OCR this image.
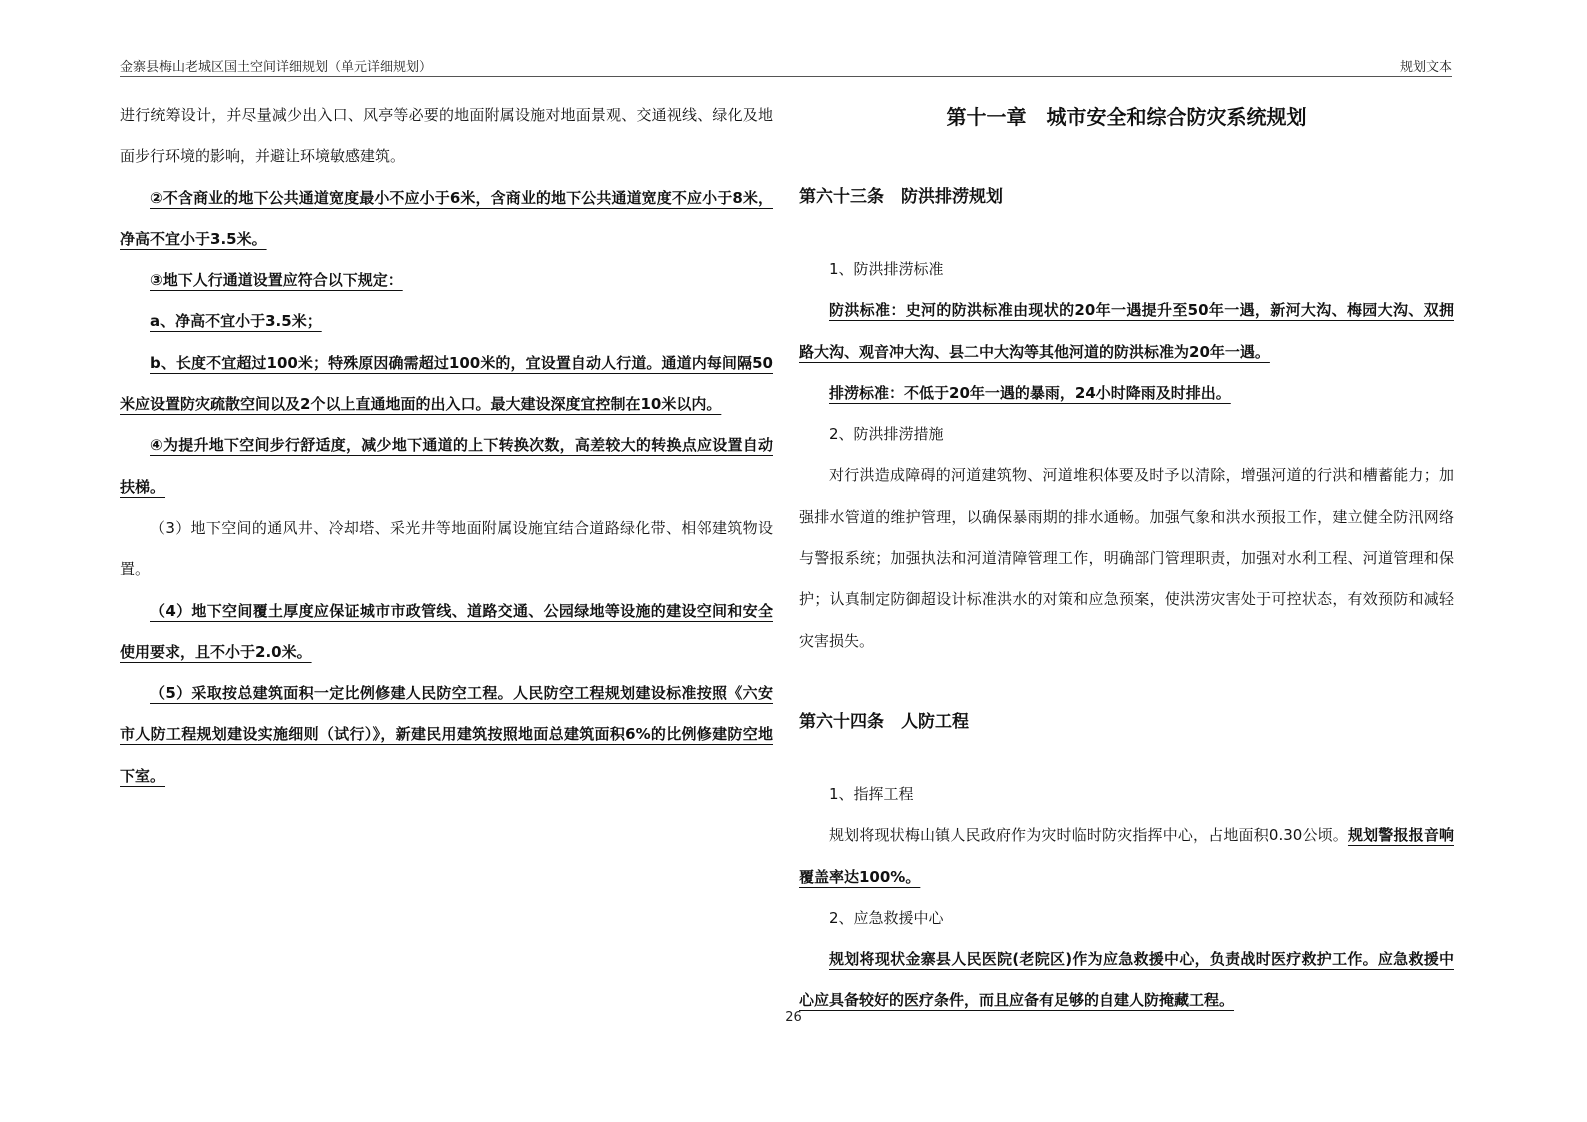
金寨县梅山老城区国土空间详细规划（单元详细规划）	规划文本

进行统筹设计，并尽量减少出入口、风亭等必要的地面附属设施对地面景观、交通视线、绿化及地面步行环境的影响，并避让环境敏感建筑。

②不含商业的地下公共通道宽度最小不应小于6米，含商业的地下公共通道宽度不应小于8米，净高不宜小于3.5米。

③地下人行通道设置应符合以下规定：

a、净高不宜小于3.5米；

b、长度不宜超过100米；特殊原因确需超过100米的，宜设置自动人行道。通道内每间隔50米应设置防灾疏散空间以及2个以上直通地面的出入口。最大建设深度宜控制在10米以内。

④为提升地下空间步行舒适度，减少地下通道的上下转换次数，高差较大的转换点应设置自动扶梯。

（3）地下空间的通风井、冷却塔、采光井等地面附属设施宜结合道路绿化带、相邻建筑物设置。

（4）地下空间覆土厚度应保证城市市政管线、道路交通、公园绿地等设施的建设空间和安全使用要求，且不小于2.0米。

（5）采取按总建筑面积一定比例修建人民防空工程。人民防空工程规划建设标准按照《六安市人防工程规划建设实施细则（试行）》，新建民用建筑按照地面总建筑面积6%的比例修建防空地下室。

第十一章　城市安全和综合防灾系统规划
第六十三条　防洪排涝规划

1、防洪排涝标准

防洪标准：史河的防洪标准由现状的20年一遇提升至50年一遇，新河大沟、梅园大沟、双拥路大沟、观音冲大沟、县二中大沟等其他河道的防洪标准为20年一遇。

排涝标准：不低于20年一遇的暴雨，24小时降雨及时排出。

2、防洪排涝措施

对行洪造成障碍的河道建筑物、河道堆积体要及时予以清除，增强河道的行洪和槽蓄能力；加强排水管道的维护管理，以确保暴雨期的排水通畅。加强气象和洪水预报工作，建立健全防汛网络与警报系统；加强执法和河道清障管理工作，明确部门管理职责，加强对水利工程、河道管理和保护；认真制定防御超设计标准洪水的对策和应急预案，使洪涝灾害处于可控状态，有效预防和减轻灾害损失。

第六十四条　人防工程

1、指挥工程

规划将现状梅山镇人民政府作为灾时临时防灾指挥中心，占地面积0.30公顷。规划警报报音响覆盖率达100%。

2、应急救援中心

规划将现状金寨县人民医院(老院区)作为应急救援中心，负责战时医疗救护工作。应急救援中心应具备较好的医疗条件，而且应备有足够的自建人防掩藏工程。

26
